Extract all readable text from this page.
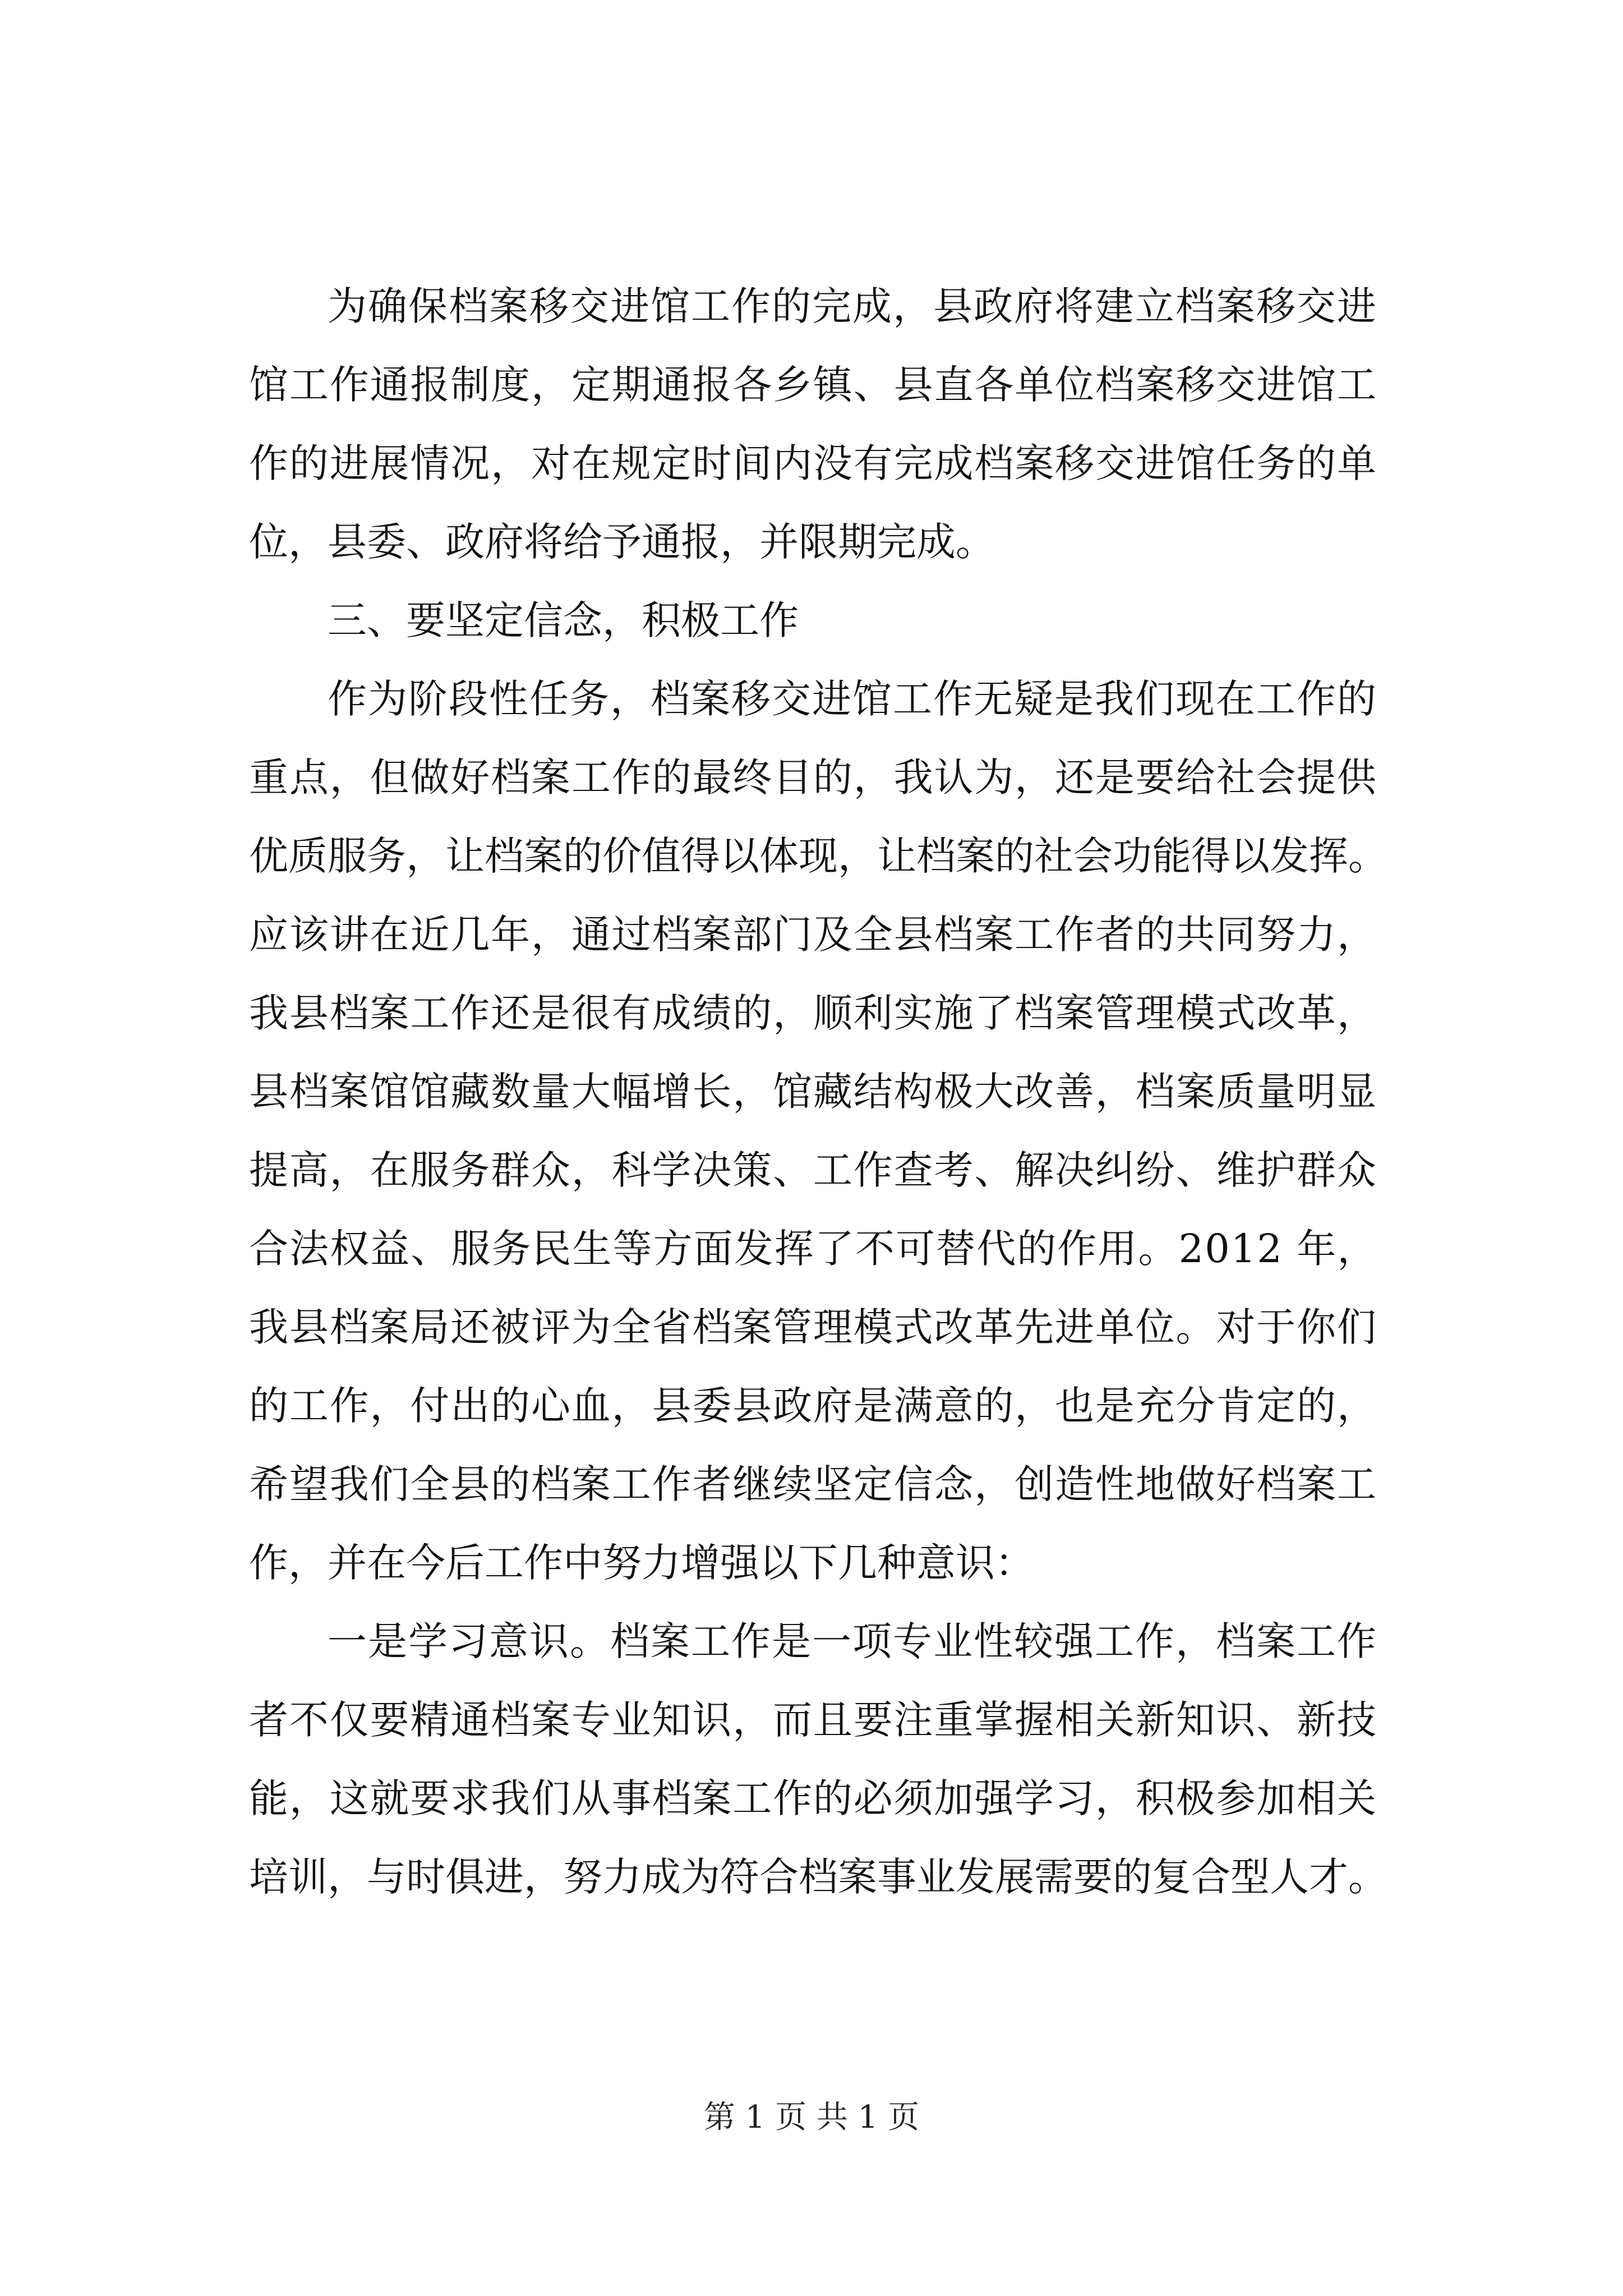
为确保档案移交进馆工作的完成，县政府将建立档案移交进
馆工作通报制度，定期通报各乡镇、县直各单位档案移交进馆工
作的进展情况，对在规定时间内没有完成档案移交进馆任务的单
位，县委、政府将给予通报，并限期完成。
三、要坚定信念，积极工作
作为阶段性任务，档案移交进馆工作无疑是我们现在工作的
重点，但做好档案工作的最终目的，我认为，还是要给社会提供
优质服务，让档案的价值得以体现，让档案的社会功能得以发挥。
应该讲在近几年，通过档案部门及全县档案工作者的共同努力，
我县档案工作还是很有成绩的，顺利实施了档案管理模式改革，
县档案馆馆藏数量大幅增长，馆藏结构极大改善，档案质量明显
提高，在服务群众，科学决策、工作查考、解决纠纷、维护群众
合法权益、服务民生等方面发挥了不可替代的作用。2012 年，
我县档案局还被评为全省档案管理模式改革先进单位。对于你们
的工作，付出的心血，县委县政府是满意的，也是充分肯定的，
希望我们全县的档案工作者继续坚定信念，创造性地做好档案工
作，并在今后工作中努力增强以下几种意识：
一是学习意识。档案工作是一项专业性较强工作，档案工作
者不仅要精通档案专业知识，而且要注重掌握相关新知识、新技
能，这就要求我们从事档案工作的必须加强学习，积极参加相关
培训，与时俱进，努力成为符合档案事业发展需要的复合型人才。
第 1 页 共 1 页
